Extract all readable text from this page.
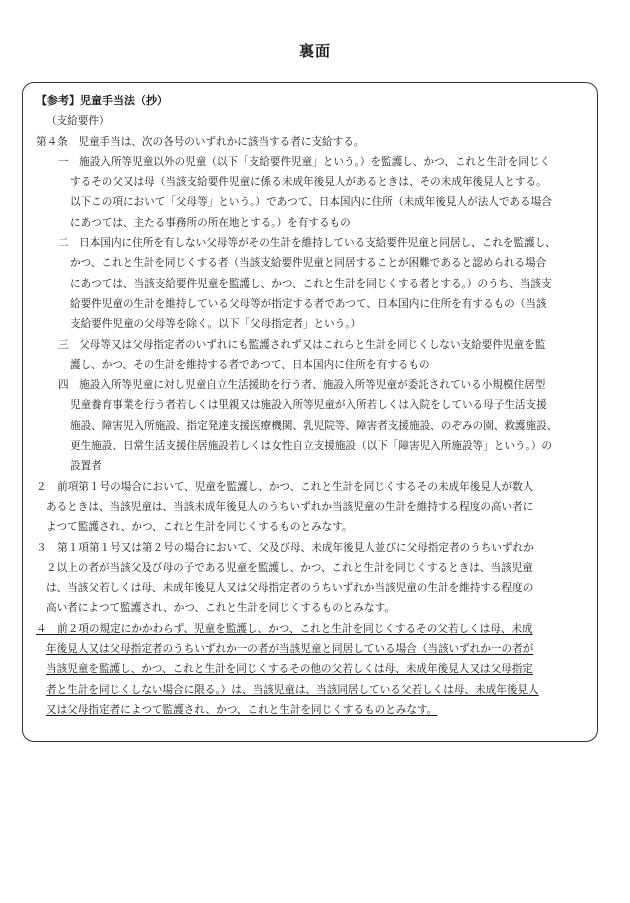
裏面
【参考】児童手当法（抄）
（支給要件）
第４条　児童手当は、次の各号のいずれかに該当する者に支給する。
一　施設入所等児童以外の児童（以下「支給要件児童」という。）を監護し、かつ、これと生計を同じく
するその父又は母（当該支給要件児童に係る未成年後見人があるときは、その未成年後見人とする。
以下この項において「父母等」という。）であつて、日本国内に住所（未成年後見人が法人である場合
にあつては、主たる事務所の所在地とする。）を有するもの
二　日本国内に住所を有しない父母等がその生計を維持している支給要件児童と同居し、これを監護し、
かつ、これと生計を同じくする者（当該支給要件児童と同居することが困難であると認められる場合
にあつては、当該支給要件児童を監護し、かつ、これと生計を同じくする者とする。）のうち、当該支
給要件児童の生計を維持している父母等が指定する者であつて、日本国内に住所を有するもの（当該
支給要件児童の父母等を除く。以下「父母指定者」という。）
三　父母等又は父母指定者のいずれにも監護されず又はこれらと生計を同じくしない支給要件児童を監
護し、かつ、その生計を維持する者であつて、日本国内に住所を有するもの
四　施設入所等児童に対し児童自立生活援助を行う者、施設入所等児童が委託されている小規模住居型
児童養育事業を行う者若しくは里親又は施設入所等児童が入所若しくは入院をしている母子生活支援
施設、障害児入所施設、指定発達支援医療機関、乳児院等、障害者支援施設、のぞみの園、救護施設、
更生施設、日常生活支援住居施設若しくは女性自立支援施設（以下「障害児入所施設等」という。）の
設置者
２　前項第１号の場合において、児童を監護し、かつ、これと生計を同じくするその未成年後見人が数人
あるときは、当該児童は、当該未成年後見人のうちいずれか当該児童の生計を維持する程度の高い者に
よつて監護され、かつ、これと生計を同じくするものとみなす。
３　第１項第１号又は第２号の場合において、父及び母、未成年後見人並びに父母指定者のうちいずれか
２以上の者が当該父及び母の子である児童を監護し、かつ、これと生計を同じくするときは、当該児童
は、当該父若しくは母、未成年後見人又は父母指定者のうちいずれか当該児童の生計を維持する程度の
高い者によつて監護され、かつ、これと生計を同じくするものとみなす。
４　前２項の規定にかかわらず、児童を監護し、かつ、これと生計を同じくするその父若しくは母、未成
年後見人又は父母指定者のうちいずれか一の者が当該児童と同居している場合（当該いずれか一の者が
当該児童を監護し、かつ、これと生計を同じくするその他の父若しくは母、未成年後見人又は父母指定
者と生計を同じくしない場合に限る。）は、当該児童は、当該同居している父若しくは母、未成年後見人
又は父母指定者によつて監護され、かつ、これと生計を同じくするものとみなす。
